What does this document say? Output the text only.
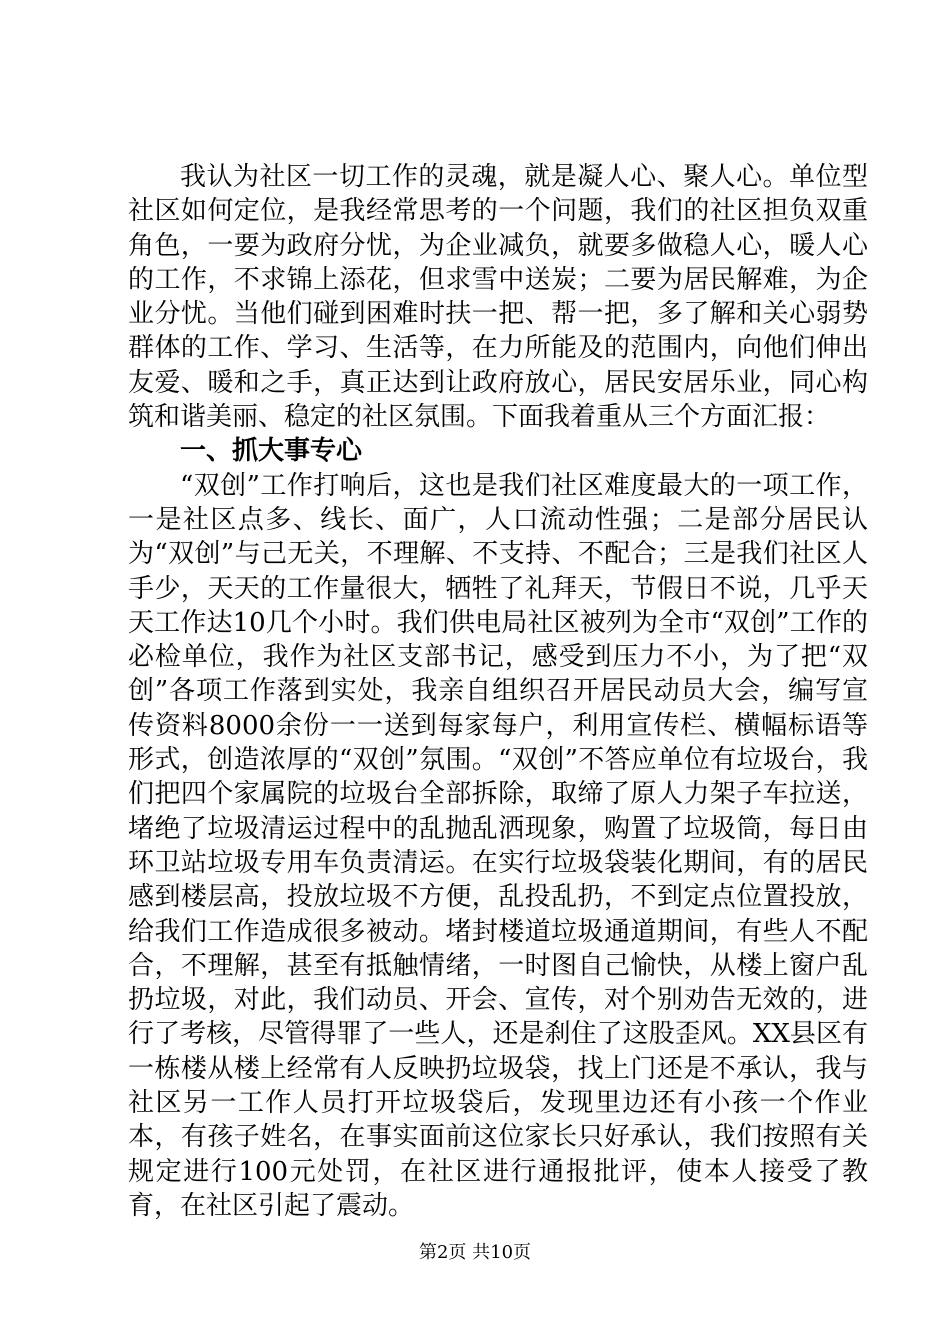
我认为社区一切工作的灵魂，就是凝人心、聚人心。单位型社区如何定位，是我经常思考的一个问题，我们的社区担负双重角色，一要为政府分忧，为企业减负，就要多做稳人心，暖人心的工作，不求锦上添花，但求雪中送炭；二要为居民解难，为企业分忧。当他们碰到困难时扶一把、帮一把，多了解和关心弱势群体的工作、学习、生活等，在力所能及的范围内，向他们伸出友爱、暖和之手，真正达到让政府放心，居民安居乐业，同心构筑和谐美丽、稳定的社区氛围。下面我着重从三个方面汇报：

一、抓大事专心

“双创”工作打响后，这也是我们社区难度最大的一项工作，一是社区点多、线长、面广，人口流动性强；二是部分居民认为“双创”与己无关，不理解、不支持、不配合；三是我们社区人手少，天天的工作量很大，牺牲了礼拜天，节假日不说，几乎天天工作达10几个小时。我们供电局社区被列为全市“双创”工作的必检单位，我作为社区支部书记，感受到压力不小，为了把“双创”各项工作落到实处，我亲自组织召开居民动员大会，编写宣传资料8000余份一一送到每家每户，利用宣传栏、横幅标语等形式，创造浓厚的“双创”氛围。“双创”不答应单位有垃圾台，我们把四个家属院的垃圾台全部拆除，取缔了原人力架子车拉送，堵绝了垃圾清运过程中的乱抛乱洒现象，购置了垃圾筒，每日由环卫站垃圾专用车负责清运。在实行垃圾袋装化期间，有的居民感到楼层高，投放垃圾不方便，乱投乱扔，不到定点位置投放，给我们工作造成很多被动。堵封楼道垃圾通道期间，有些人不配合，不理解，甚至有抵触情绪，一时图自己愉快，从楼上窗户乱扔垃圾，对此，我们动员、开会、宣传，对个别劝告无效的，进行了考核，尽管得罪了一些人，还是刹住了这股歪风。XX县区有一栋楼从楼上经常有人反映扔垃圾袋，找上门还是不承认，我与社区另一工作人员打开垃圾袋后，发现里边还有小孩一个作业本，有孩子姓名，在事实面前这位家长只好承认，我们按照有关规定进行100元处罚，在社区进行通报批评，使本人接受了教育，在社区引起了震动。

第2页 共10页
